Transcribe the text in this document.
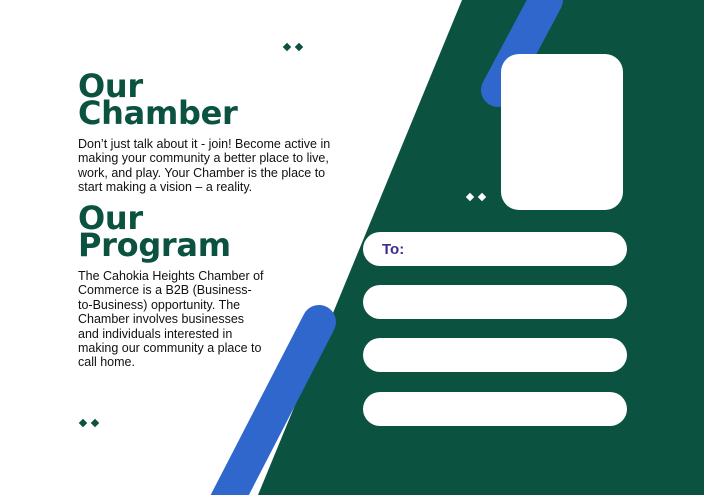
Our
Chamber
Don’t just talk about it - join! Become active in
making your community a better place to live,
work, and play. Your Chamber is the place to
start making a vision – a reality.
Our
Program
The Cahokia Heights Chamber of
Commerce is a B2B (Business-
to-Business) opportunity. The
Chamber involves businesses
and individuals interested in
making our community a place to
call home.
To:
